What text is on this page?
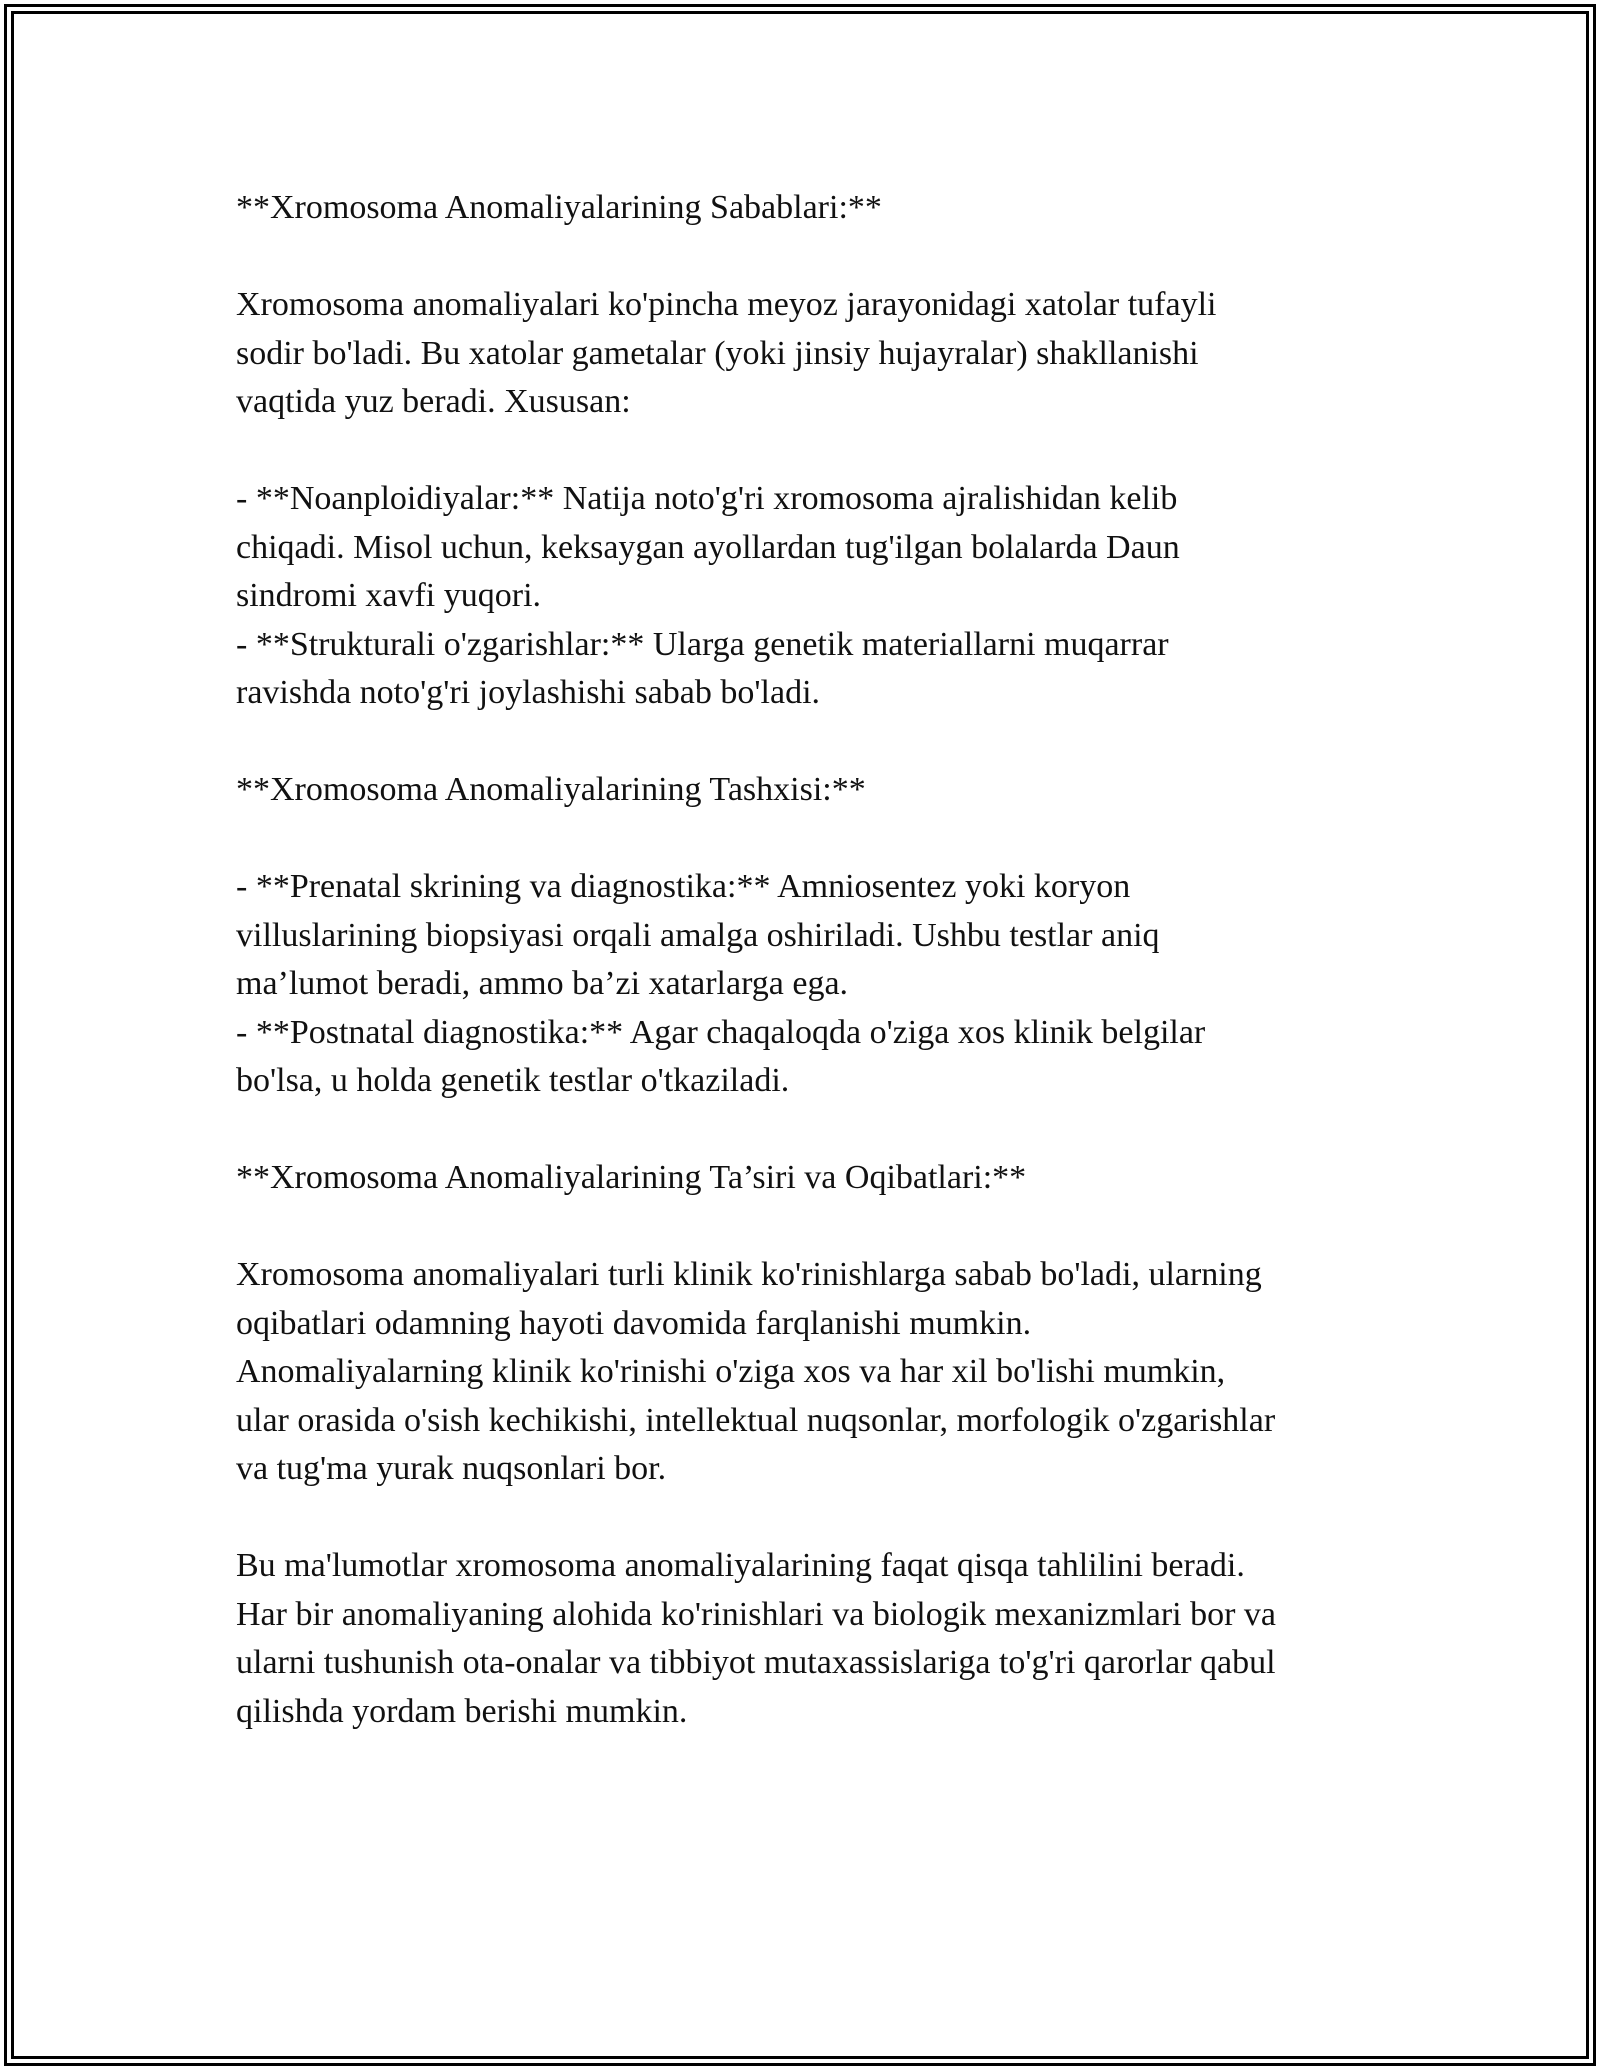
**Xromosoma Anomaliyalarining Sabablari:**

Xromosoma anomaliyalari ko'pincha meyoz jarayonidagi xatolar tufayli

sodir bo'ladi. Bu xatolar gametalar (yoki jinsiy hujayralar) shakllanishi

vaqtida yuz beradi. Xususan:

- **Noanploidiyalar:** Natija noto'g'ri xromosoma ajralishidan kelib

chiqadi. Misol uchun, keksaygan ayollardan tug'ilgan bolalarda Daun

sindromi xavfi yuqori.

- **Strukturali o'zgarishlar:** Ularga genetik materiallarni muqarrar

ravishda noto'g'ri joylashishi sabab bo'ladi.

**Xromosoma Anomaliyalarining Tashxisi:**

- **Prenatal skrining va diagnostika:** Amniosentez yoki koryon

villuslarining biopsiyasi orqali amalga oshiriladi. Ushbu testlar aniq

ma’lumot beradi, ammo ba’zi xatarlarga ega.

- **Postnatal diagnostika:** Agar chaqaloqda o'ziga xos klinik belgilar

bo'lsa, u holda genetik testlar o'tkaziladi.

**Xromosoma Anomaliyalarining Ta’siri va Oqibatlari:**

Xromosoma anomaliyalari turli klinik ko'rinishlarga sabab bo'ladi, ularning

oqibatlari odamning hayoti davomida farqlanishi mumkin.

Anomaliyalarning klinik ko'rinishi o'ziga xos va har xil bo'lishi mumkin,

ular orasida o'sish kechikishi, intellektual nuqsonlar, morfologik o'zgarishlar

va tug'ma yurak nuqsonlari bor.

Bu ma'lumotlar xromosoma anomaliyalarining faqat qisqa tahlilini beradi.

Har bir anomaliyaning alohida ko'rinishlari va biologik mexanizmlari bor va

ularni tushunish ota-onalar va tibbiyot mutaxassislariga to'g'ri qarorlar qabul

qilishda yordam berishi mumkin.
